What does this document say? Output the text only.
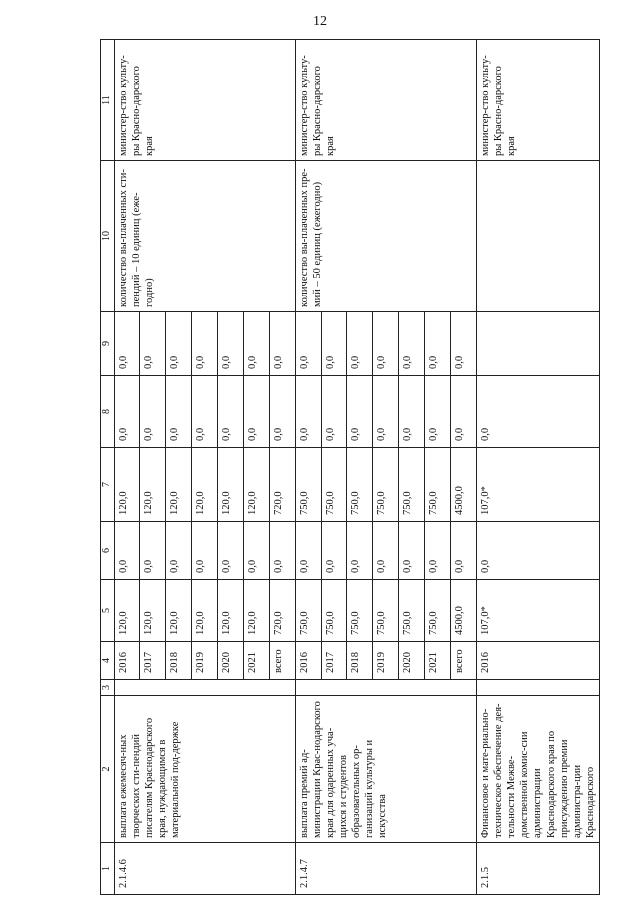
12
1	2	3	4	5	6	7	8	9	10	11
2.1.4.6	выплата ежемесяч-ных творческих сти-пендий писателям Краснодарского края, нуждающимся в материальной под-держке		2016	120,0	0,0	120,0	0,0	0,0	количество вы-плаченных сти-пендий – 10 единиц (еже-годно)	министер-ство культу-ры Красно-дарского края
			2017	120,0	0,0	120,0	0,0	0,0		
			2018	120,0	0,0	120,0	0,0	0,0		
			2019	120,0	0,0	120,0	0,0	0,0		
			2020	120,0	0,0	120,0	0,0	0,0		
			2021	120,0	0,0	120,0	0,0	0,0		
			всего	720,0	0,0	720,0	0,0	0,0		
2.1.4.7	выплата премий ад-министрации Крас-нодарского края для одаренных уча-щихся и студентов образовательных ор-ганизаций культуры и искусства		2016	750,0	0,0	750,0	0,0	0,0	количество вы-плаченных пре-мий – 50 единиц (ежегодно)	министер-ство культу-ры Красно-дарского края
			2017	750,0	0,0	750,0	0,0	0,0		
			2018	750,0	0,0	750,0	0,0	0,0		
			2019	750,0	0,0	750,0	0,0	0,0		
			2020	750,0	0,0	750,0	0,0	0,0		
			2021	750,0	0,0	750,0	0,0	0,0		
			всего	4500,0	0,0	4500,0	0,0	0,0		
2.1.5	Финансовое и мате-риально-техническое обеспечение дея-тельности Межве-домственной комис-сии администрации Краснодарского края по присуждению премии администра-ции Краснодарского		2016	107,0*	0,0	107,0*	0,0			министер-ство культу-ры Красно-дарского края
